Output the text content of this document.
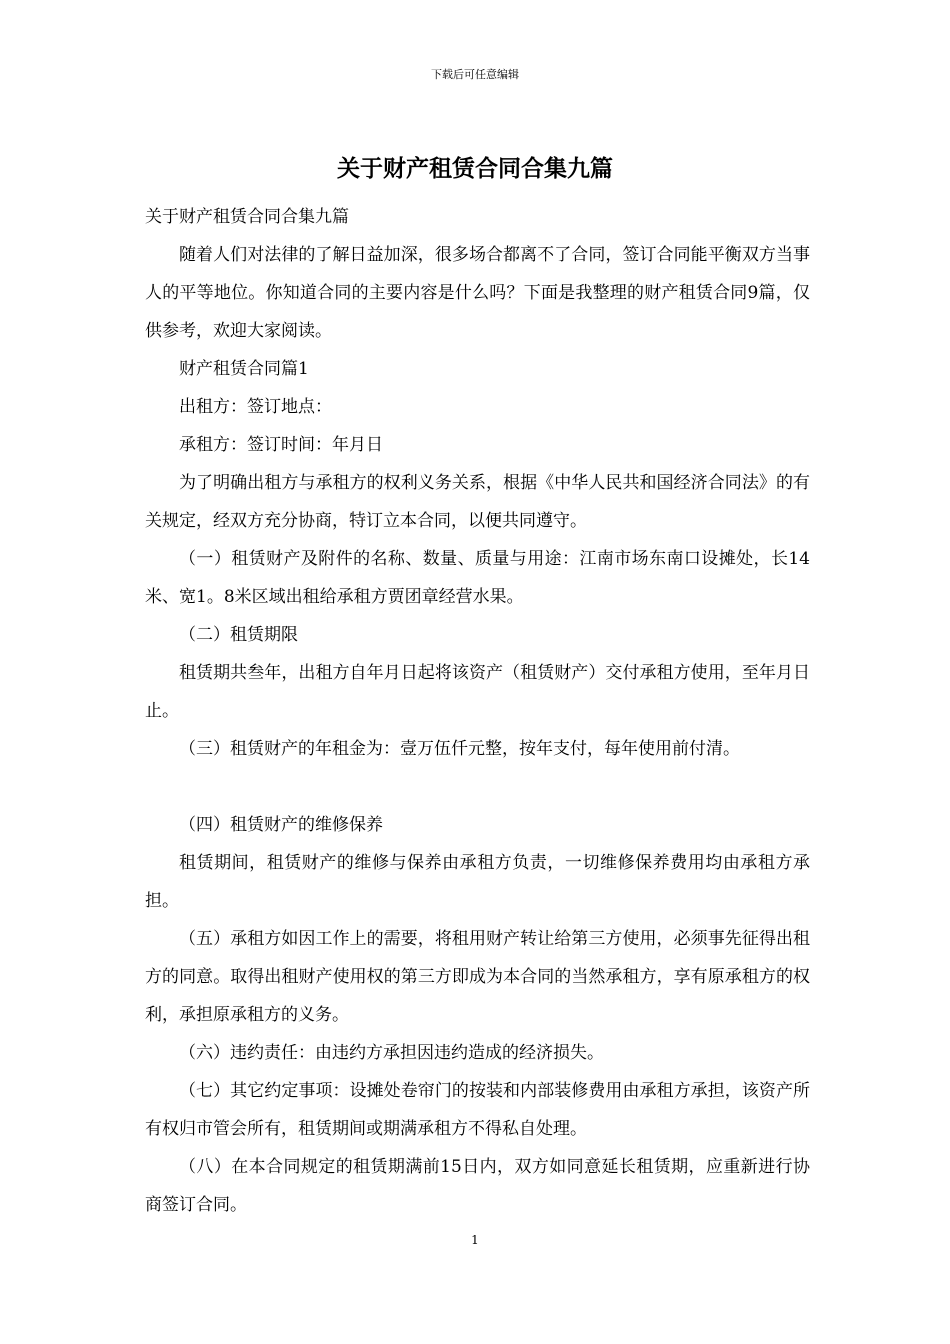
下载后可任意编辑
关于财产租赁合同合集九篇

关于财产租赁合同合集九篇

随着人们对法律的了解日益加深，很多场合都离不了合同，签订合同能平衡双方当事人的平等地位。你知道合同的主要内容是什么吗？下面是我整理的财产租赁合同9篇，仅供参考，欢迎大家阅读。

财产租赁合同篇1

出租方：签订地点：

承租方：签订时间：年月日

为了明确出租方与承租方的权利义务关系，根据《中华人民共和国经济合同法》的有关规定，经双方充分协商，特订立本合同，以便共同遵守。

（一）租赁财产及附件的名称、数量、质量与用途：江南市场东南口设摊处，长14米、宽1。8米区域出租给承租方贾团章经营水果。

（二）租赁期限

租赁期共叁年，出租方自年月日起将该资产（租赁财产）交付承租方使用，至年月日止。

（三）租赁财产的年租金为：壹万伍仟元整，按年支付，每年使用前付清。

（四）租赁财产的维修保养

租赁期间，租赁财产的维修与保养由承租方负责，一切维修保养费用均由承租方承担。

（五）承租方如因工作上的需要，将租用财产转让给第三方使用，必须事先征得出租方的同意。取得出租财产使用权的第三方即成为本合同的当然承租方，享有原承租方的权利，承担原承租方的义务。

（六）违约责任：由违约方承担因违约造成的经济损失。

（七）其它约定事项：设摊处卷帘门的按装和内部装修费用由承租方承担，该资产所有权归市管会所有，租赁期间或期满承租方不得私自处理。

（八）在本合同规定的租赁期满前15日内，双方如同意延长租赁期，应重新进行协商签订合同。

1
